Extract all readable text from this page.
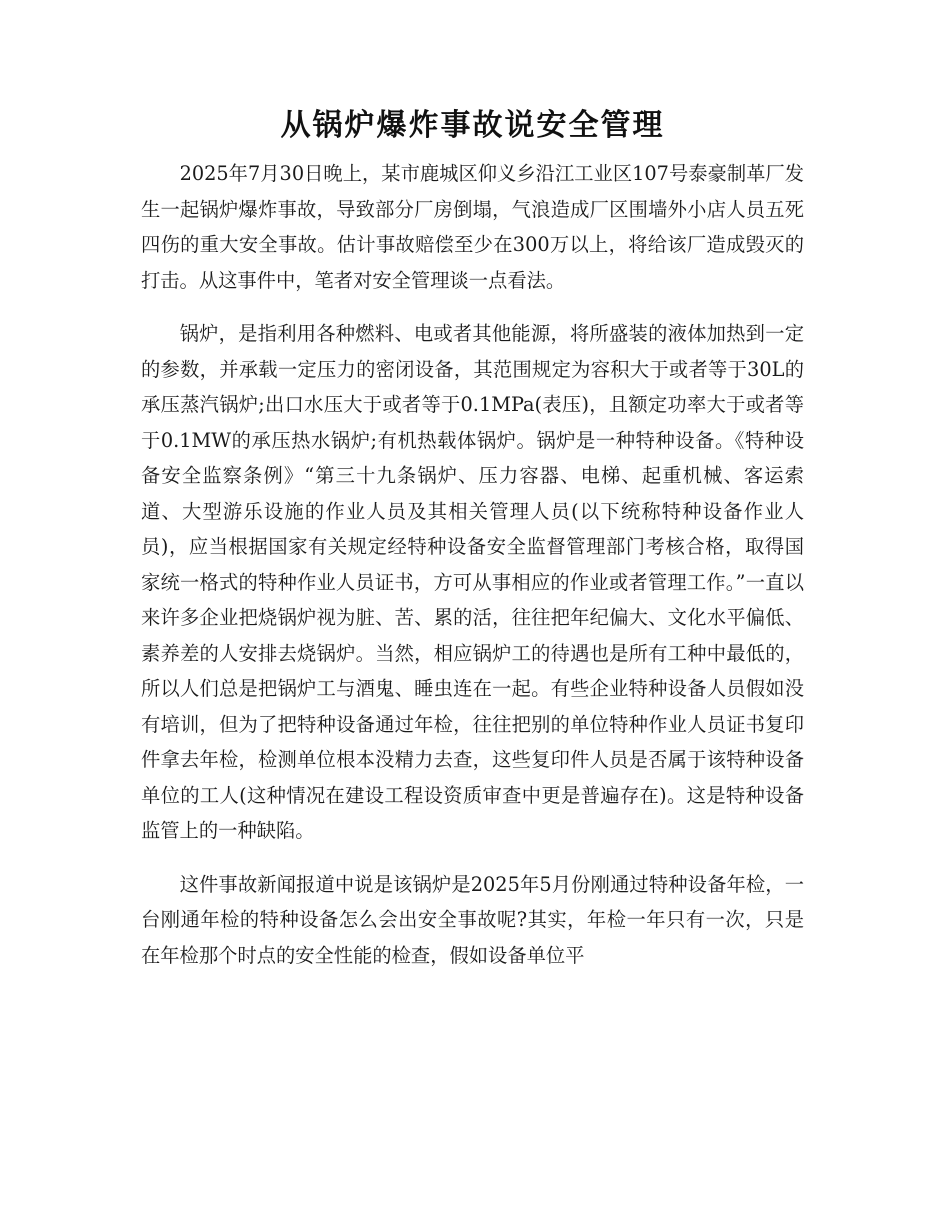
从锅炉爆炸事故说安全管理

2025年7月30日晚上，某市鹿城区仰义乡沿江工业区107号泰豪制革厂发生一起锅炉爆炸事故，导致部分厂房倒塌，气浪造成厂区围墙外小店人员五死四伤的重大安全事故。估计事故赔偿至少在300万以上，将给该厂造成毁灭的打击。从这事件中，笔者对安全管理谈一点看法。

锅炉，是指利用各种燃料、电或者其他能源，将所盛装的液体加热到一定的参数，并承载一定压力的密闭设备，其范围规定为容积大于或者等于30L的承压蒸汽锅炉;出口水压大于或者等于0.1MPa(表压)，且额定功率大于或者等于0.1MW的承压热水锅炉;有机热载体锅炉。锅炉是一种特种设备。《特种设备安全监察条例》“第三十九条锅炉、压力容器、电梯、起重机械、客运索道、大型游乐设施的作业人员及其相关管理人员(以下统称特种设备作业人员)，应当根据国家有关规定经特种设备安全监督管理部门考核合格，取得国家统一格式的特种作业人员证书，方可从事相应的作业或者管理工作。”一直以来许多企业把烧锅炉视为脏、苦、累的活，往往把年纪偏大、文化水平偏低、素养差的人安排去烧锅炉。当然，相应锅炉工的待遇也是所有工种中最低的，所以人们总是把锅炉工与酒鬼、睡虫连在一起。有些企业特种设备人员假如没有培训，但为了把特种设备通过年检，往往把别的单位特种作业人员证书复印件拿去年检，检测单位根本没精力去查，这些复印件人员是否属于该特种设备单位的工人(这种情况在建设工程设资质审查中更是普遍存在)。这是特种设备监管上的一种缺陷。

这件事故新闻报道中说是该锅炉是2025年5月份刚通过特种设备年检，一台刚通年检的特种设备怎么会出安全事故呢?其实，年检一年只有一次，只是在年检那个时点的安全性能的检查，假如设备单位平
